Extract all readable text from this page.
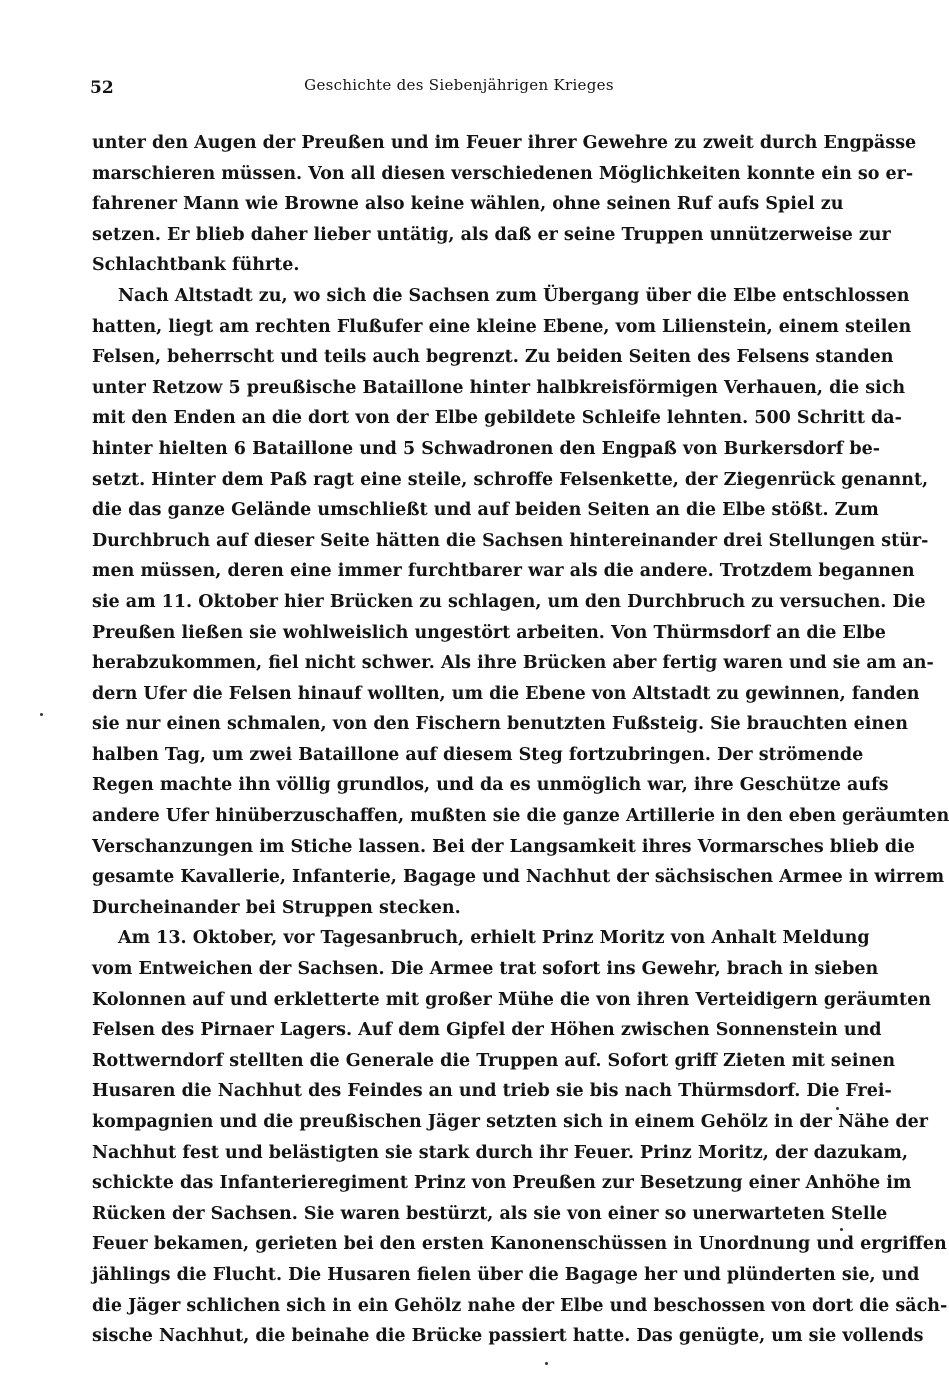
52	Geschichte des Siebenjährigen Krieges
unter den Augen der Preußen und im Feuer ihrer Gewehre zu zweit durch Engpässe
marschieren müssen. Von all diesen verschiedenen Möglichkeiten konnte ein so er-
fahrener Mann wie Browne also keine wählen, ohne seinen Ruf aufs Spiel zu
setzen. Er blieb daher lieber untätig, als daß er seine Truppen unnützerweise zur
Schlachtbank führte.
Nach Altstadt zu, wo sich die Sachsen zum Übergang über die Elbe entschlossen
hatten, liegt am rechten Flußufer eine kleine Ebene, vom Lilienstein, einem steilen
Felsen, beherrscht und teils auch begrenzt. Zu beiden Seiten des Felsens standen
unter Retzow 5 preußische Bataillone hinter halbkreisförmigen Verhauen, die sich
mit den Enden an die dort von der Elbe gebildete Schleife lehnten. 500 Schritt da-
hinter hielten 6 Bataillone und 5 Schwadronen den Engpaß von Burkersdorf be-
setzt. Hinter dem Paß ragt eine steile, schroffe Felsenkette, der Ziegenrück genannt,
die das ganze Gelände umschließt und auf beiden Seiten an die Elbe stößt. Zum
Durchbruch auf dieser Seite hätten die Sachsen hintereinander drei Stellungen stür-
men müssen, deren eine immer furchtbarer war als die andere. Trotzdem begannen
sie am 11. Oktober hier Brücken zu schlagen, um den Durchbruch zu versuchen. Die
Preußen ließen sie wohlweislich ungestört arbeiten. Von Thürmsdorf an die Elbe
herabzukommen, fiel nicht schwer. Als ihre Brücken aber fertig waren und sie am an-
dern Ufer die Felsen hinauf wollten, um die Ebene von Altstadt zu gewinnen, fanden
sie nur einen schmalen, von den Fischern benutzten Fußsteig. Sie brauchten einen
halben Tag, um zwei Bataillone auf diesem Steg fortzubringen. Der strömende
Regen machte ihn völlig grundlos, und da es unmöglich war, ihre Geschütze aufs
andere Ufer hinüberzuschaffen, mußten sie die ganze Artillerie in den eben geräumten
Verschanzungen im Stiche lassen. Bei der Langsamkeit ihres Vormarsches blieb die
gesamte Kavallerie, Infanterie, Bagage und Nachhut der sächsischen Armee in wirrem
Durcheinander bei Struppen stecken.
Am 13. Oktober, vor Tagesanbruch, erhielt Prinz Moritz von Anhalt Meldung
vom Entweichen der Sachsen. Die Armee trat sofort ins Gewehr, brach in sieben
Kolonnen auf und erkletterte mit großer Mühe die von ihren Verteidigern geräumten
Felsen des Pirnaer Lagers. Auf dem Gipfel der Höhen zwischen Sonnenstein und
Rottwerndorf stellten die Generale die Truppen auf. Sofort griff Zieten mit seinen
Husaren die Nachhut des Feindes an und trieb sie bis nach Thürmsdorf. Die Frei-
kompagnien und die preußischen Jäger setzten sich in einem Gehölz in der Nähe der
Nachhut fest und belästigten sie stark durch ihr Feuer. Prinz Moritz, der dazukam,
schickte das Infanterieregiment Prinz von Preußen zur Besetzung einer Anhöhe im
Rücken der Sachsen. Sie waren bestürzt, als sie von einer so unerwarteten Stelle
Feuer bekamen, gerieten bei den ersten Kanonenschüssen in Unordnung und ergriffen
jählings die Flucht. Die Husaren fielen über die Bagage her und plünderten sie, und
die Jäger schlichen sich in ein Gehölz nahe der Elbe und beschossen von dort die säch-
sische Nachhut, die beinahe die Brücke passiert hatte. Das genügte, um sie vollends
